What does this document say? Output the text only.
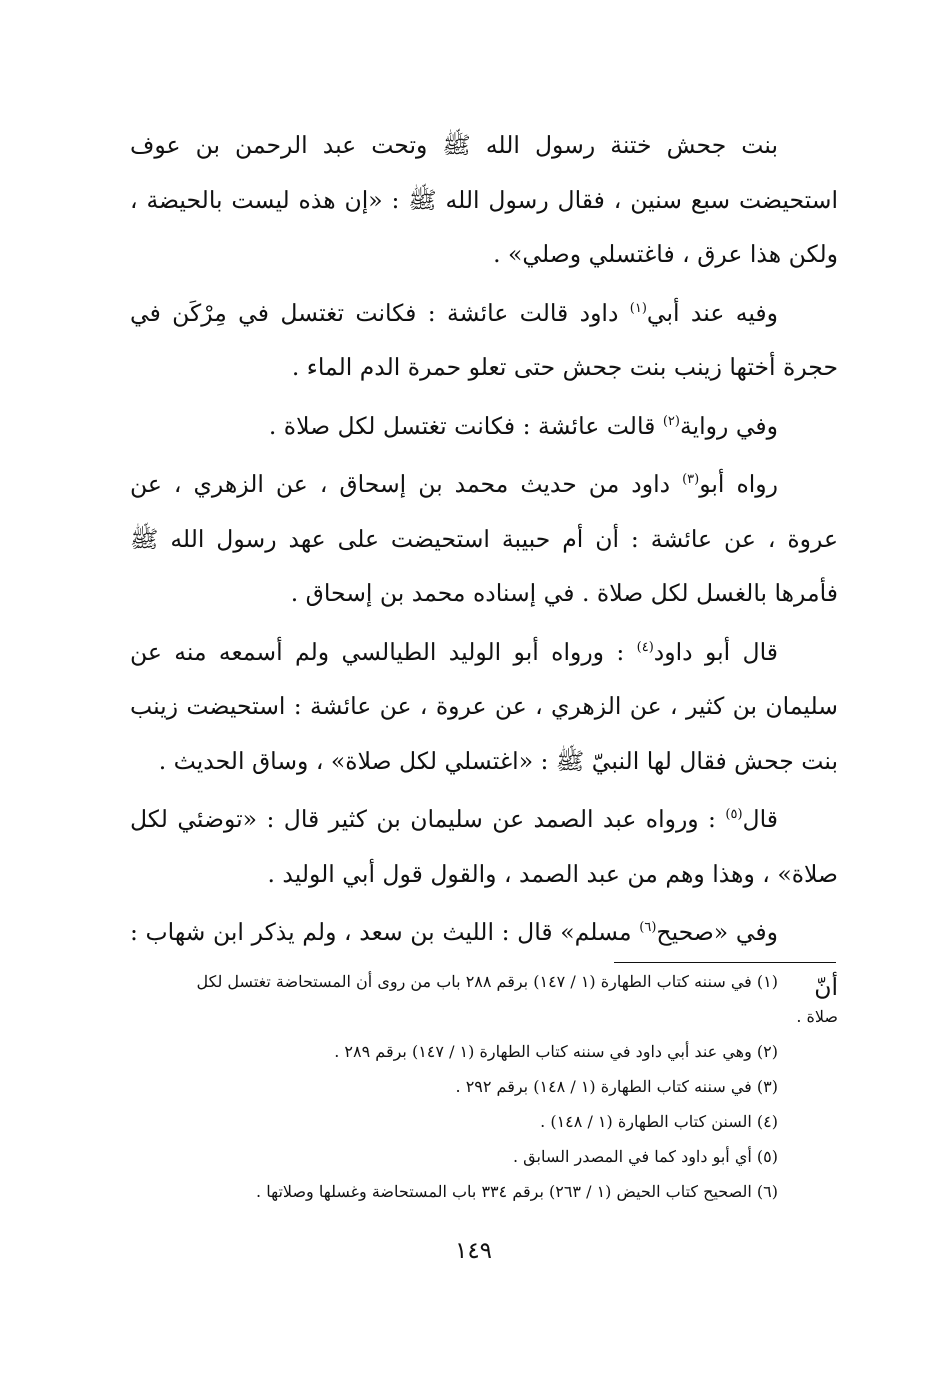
بنت جحش ختنة رسول الله ﷺ وتحت عبد الرحمن بن عوف استحيضت سبع سنين ، فقال رسول الله ﷺ : «إن هذه ليست بالحيضة ، ولكن هذا عرق ، فاغتسلي وصلي» .

وفيه عند أبي$^{(١)}$ داود قالت عائشة : فكانت تغتسل في مِرْكَن في حجرة أختها زينب بنت جحش حتى تعلو حمرة الدم الماء .

وفي رواية$^{(٢)}$ قالت عائشة : فكانت تغتسل لكل صلاة .

رواه أبو$^{(٣)}$ داود من حديث محمد بن إسحاق ، عن الزهري ، عن عروة ، عن عائشة : أن أم حبيبة استحيضت على عهد رسول الله ﷺ فأمرها بالغسل لكل صلاة . في إسناده محمد بن إسحاق .

قال أبو داود$^{(٤)}$ : ورواه أبو الوليد الطيالسي ولم أسمعه منه عن سليمان بن كثير ، عن الزهري ، عن عروة ، عن عائشة : استحيضت زينب بنت جحش فقال لها النبيّ ﷺ : «اغتسلي لكل صلاة» ، وساق الحديث .

قال$^{(٥)}$ : ورواه عبد الصمد عن سليمان بن كثير قال : «توضئي لكل صلاة» ، وهذا وهم من عبد الصمد ، والقول قول أبي الوليد .

وفي «صحيح$^{(٦)}$ مسلم» قال : الليث بن سعد ، ولم يذكر ابن شهاب : أنّ

(١) في سننه كتاب الطهارة (١ / ١٤٧) برقم ٢٨٨ باب من روى أن المستحاضة تغتسل لكل
صلاة .

(٢) وهي عند أبي داود في سننه كتاب الطهارة (١ / ١٤٧) برقم ٢٨٩ .

(٣) في سننه كتاب الطهارة (١ / ١٤٨) برقم ٢٩٢ .

(٤) السنن كتاب الطهارة (١ / ١٤٨) .

(٥) أي أبو داود كما في المصدر السابق .

(٦) الصحيح كتاب الحيض (١ / ٢٦٣) برقم ٣٣٤ باب المستحاضة وغسلها وصلاتها .

١٤٩
